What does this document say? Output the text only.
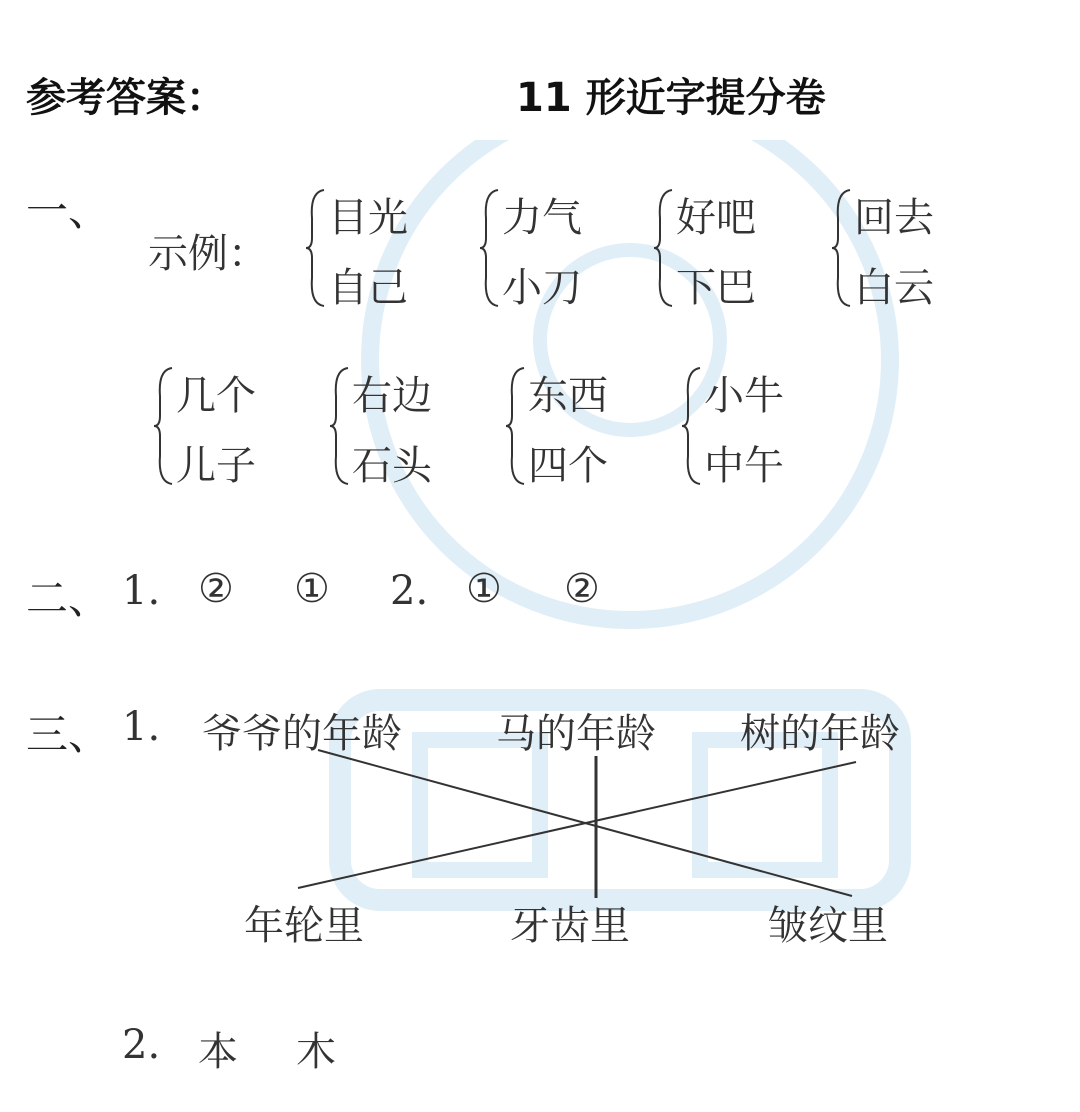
参考答案：	11 形近字提分卷
一、
示例：
目光
自己
力气
小刀
好吧
下巴
回去
白云
几个
儿子
右边
石头
东西
四个
小牛
中午
二、 1. ② ① 2. ① ②
三、 1. 爷爷的年龄 马的年龄 树的年龄
年轮里	牙齿里	皱纹里
2. 本 木
